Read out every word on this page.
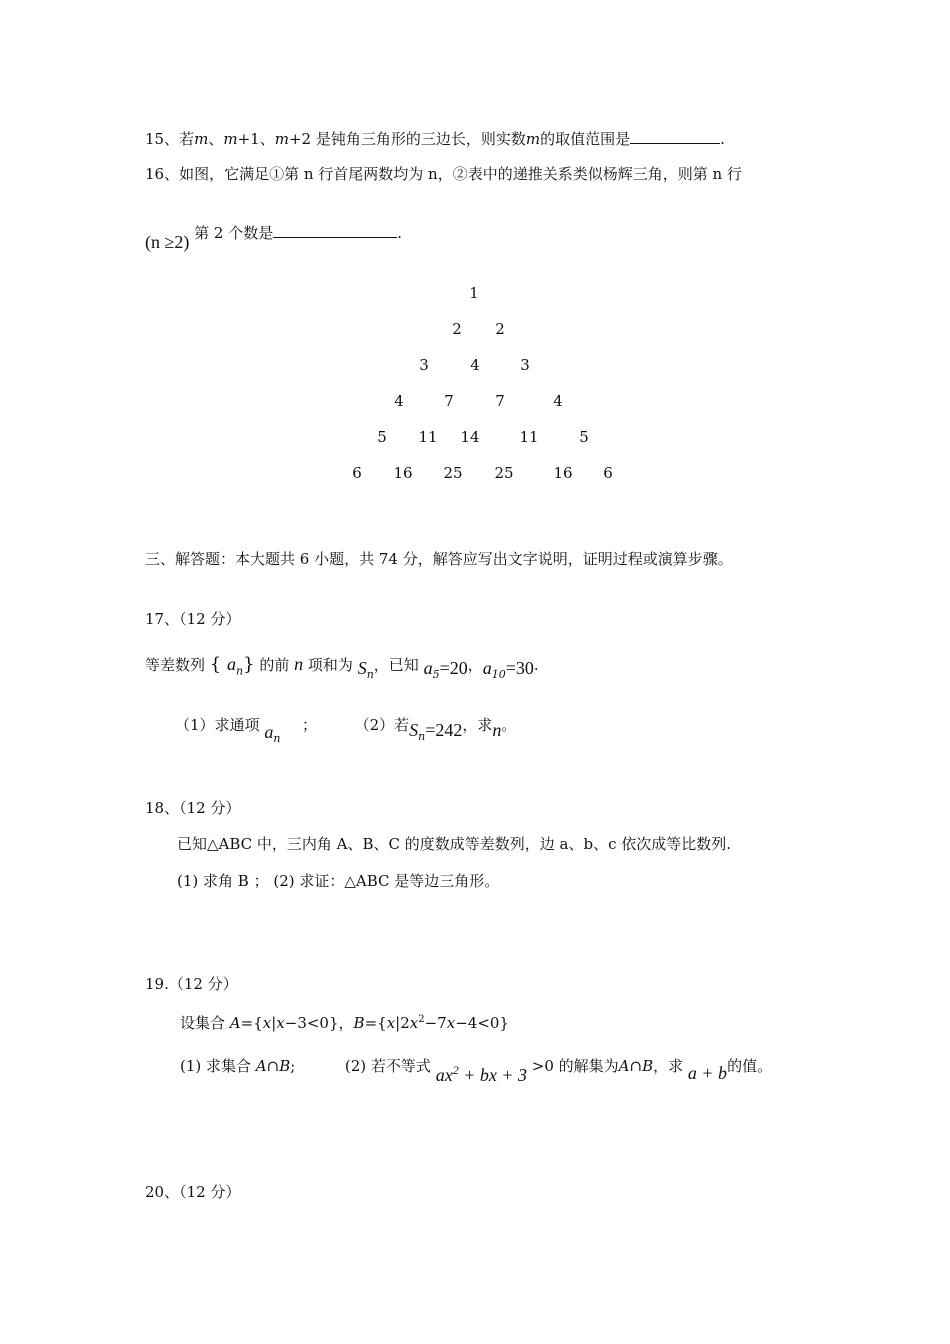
15、若m、m+1、m+2 是钝角三角形的三边长，则实数m的取值范围是	.
16、如图，它满足①第 n 行首尾两数均为 n，②表中的递推关系类似杨辉三角，则第 n 行
(n ≥2) 第 2 个数是	.
1
2	2
3	4	3
4	7	7	4
5	11	14	11	5
6	16	25	25	16	6
三、解答题：本大题共 6 小题，共 74 分，解答应写出文字说明，证明过程或演算步骤。
17、（12 分）
等差数列 { $a_n$} 的前 n 项和为 $S_n$，已知 $a_5=20$，$a_{10}=30$.
（1）求通项 $a_n$  ；	（2）若$S_n=242$，求n。
18、（12 分）
已知△ABC 中，三内角 A、B、C 的度数成等差数列，边 a、b、c 依次成等比数列.
(1) 求角 B ； (2) 求证：△ABC 是等边三角形。
19.（12 分）
设集合 A={x|x−3<0}，$B=\{x|2x^2-7x-4<0\}$
(1) 求集合 A∩B;	(2) 若不等式 $ax^2$ + bx + 3 >0 的解集为A∩B，求 a + b的值。
20、（12 分）
